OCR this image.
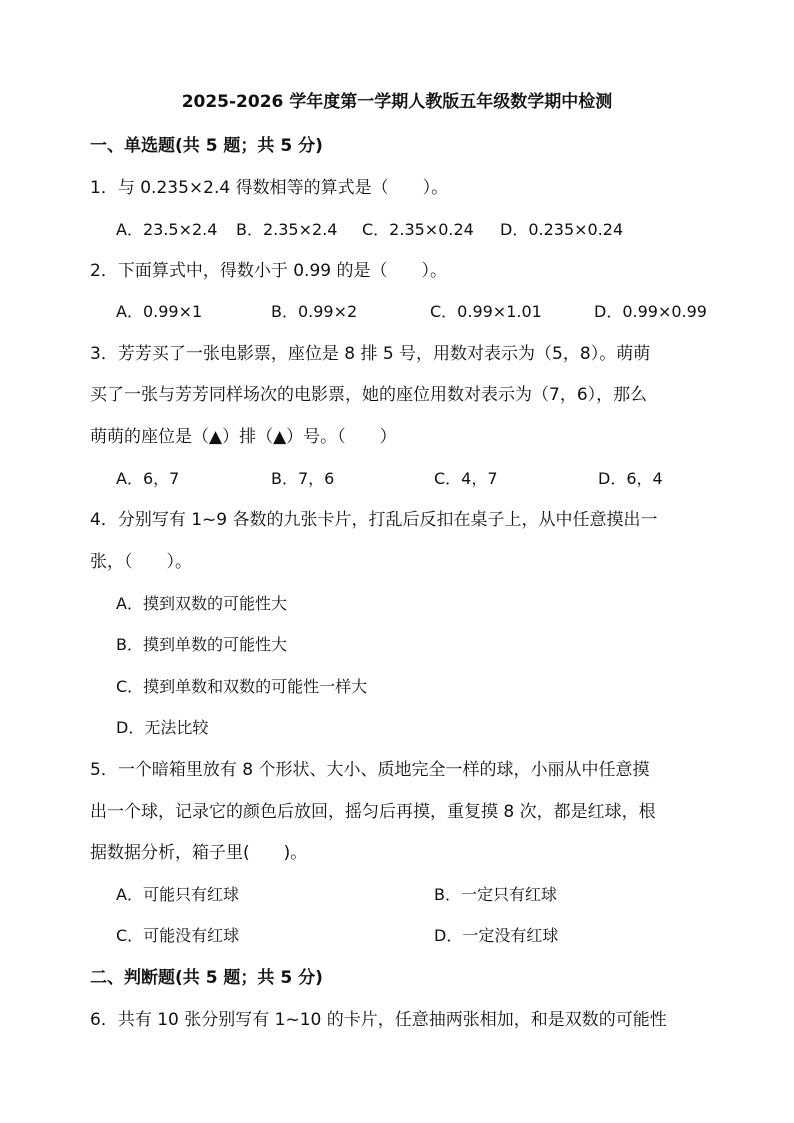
2025-2026 学年度第一学期人教版五年级数学期中检测
一、单选题(共 5 题；共 5 分)
1．与 0.235×2.4 得数相等的算式是（　　）。
A．23.5×2.4 B．2.35×2.4 C．2.35×0.24 D．0.235×0.24
2．下面算式中，得数小于 0.99 的是（　　）。
A．0.99×1	B．0.99×2	C．0.99×1.01	D．0.99×0.99
3．芳芳买了一张电影票，座位是 8 排 5 号，用数对表示为（5，8）。萌萌
买了一张与芳芳同样场次的电影票，她的座位用数对表示为（7，6），那么
萌萌的座位是（▲）排（▲）号。（　　）
A．6，7	B．7，6	C．4，7	D．6，4
4．分别写有 1~9 各数的九张卡片，打乱后反扣在桌子上，从中任意摸出一
张，（　　）。
A．摸到双数的可能性大
B．摸到单数的可能性大
C．摸到单数和双数的可能性一样大
D．无法比较
5．一个暗箱里放有 8 个形状、大小、质地完全一样的球，小丽从中任意摸
出一个球，记录它的颜色后放回，摇匀后再摸，重复摸 8 次，都是红球，根
据数据分析，箱子里(　　)。
A．可能只有红球	B．一定只有红球
C．可能没有红球	D．一定没有红球
二、判断题(共 5 题；共 5 分)
6．共有 10 张分别写有 1~10 的卡片，任意抽两张相加，和是双数的可能性
